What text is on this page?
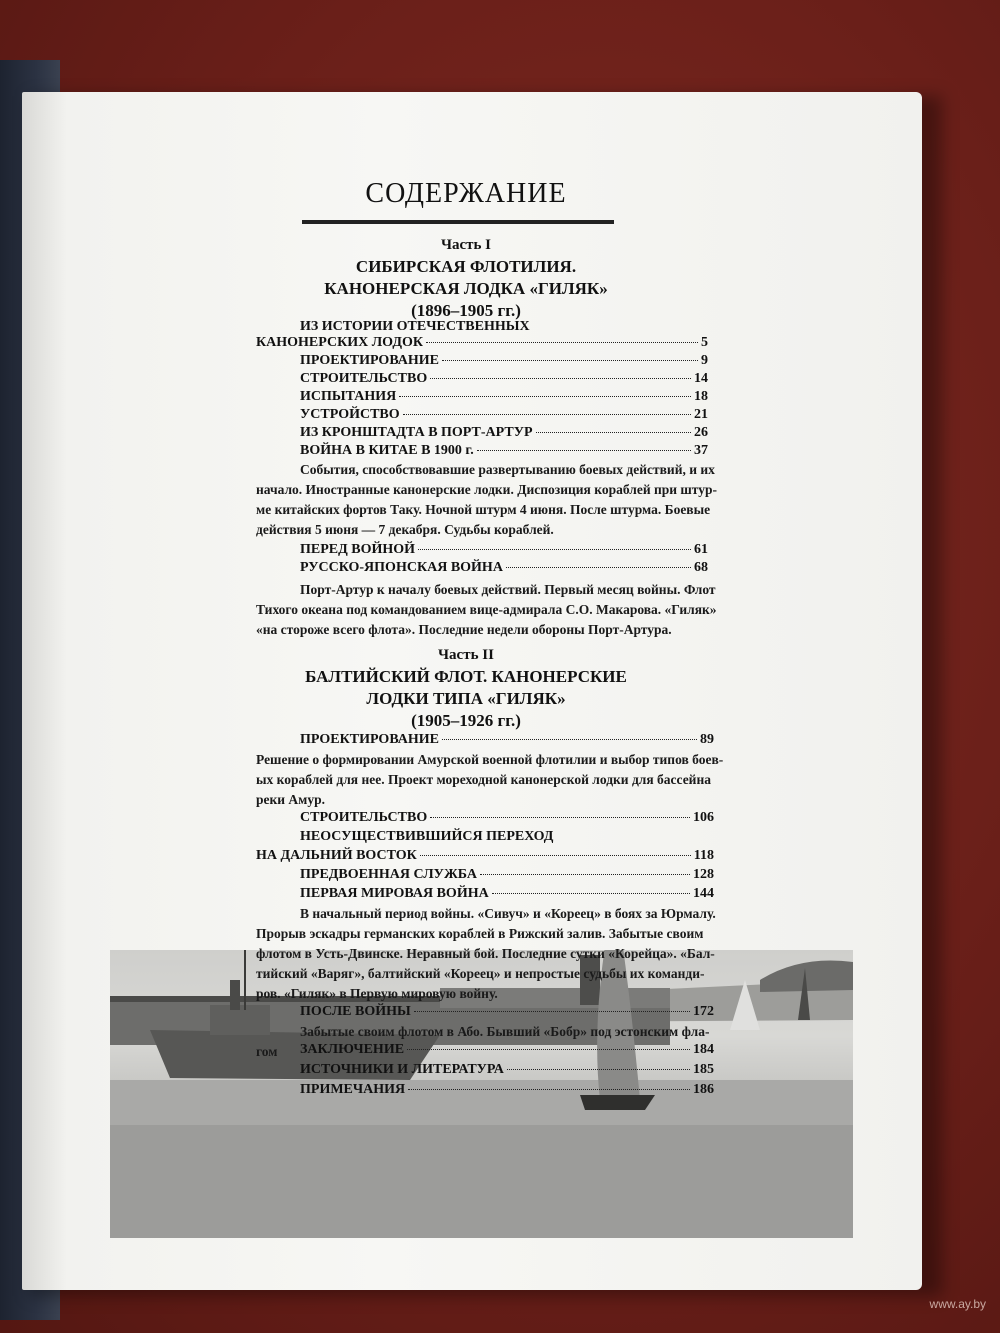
СОДЕРЖАНИЕ
Часть I
СИБИРСКАЯ ФЛОТИЛИЯ.
КАНОНЕРСКАЯ ЛОДКА «ГИЛЯК»
(1896–1905 гг.)
ИЗ ИСТОРИИ ОТЕЧЕСТВЕННЫХ
КАНОНЕРСКИХ ЛОДОК	5
ПРОЕКТИРОВАНИЕ	9
СТРОИТЕЛЬСТВО	14
ИСПЫТАНИЯ	18
УСТРОЙСТВО	21
ИЗ КРОНШТАДТА В ПОРТ-АРТУР	26
ВОЙНА В КИТАЕ В 1900 г.	37
События, способствовавшие развертыванию боевых действий, и их
начало. Иностранные канонерские лодки. Диспозиция кораблей при штур-
ме китайских фортов Таку. Ночной штурм 4 июня. После штурма. Боевые
действия 5 июня — 7 декабря. Судьбы кораблей.
ПЕРЕД ВОЙНОЙ	61
РУССКО-ЯПОНСКАЯ ВОЙНА	68
Порт-Артур к началу боевых действий. Первый месяц войны. Флот
Тихого океана под командованием вице-адмирала С.О. Макарова. «Гиляк»
«на стороже всего флота». Последние недели обороны Порт-Артура.
Часть II
БАЛТИЙСКИЙ ФЛОТ. КАНОНЕРСКИЕ
ЛОДКИ ТИПА «ГИЛЯК»
(1905–1926 гг.)
ПРОЕКТИРОВАНИЕ	89
Решение о формировании Амурской военной флотилии и выбор типов боев-
ых кораблей для нее. Проект мореходной канонерской лодки для бассейна
реки Амур.
СТРОИТЕЛЬСТВО	106
НЕОСУЩЕСТВИВШИЙСЯ ПЕРЕХОД
НА ДАЛЬНИЙ ВОСТОК	118
ПРЕДВОЕННАЯ СЛУЖБА	128
ПЕРВАЯ МИРОВАЯ ВОЙНА	144
В начальный период войны. «Сивуч» и «Кореец» в боях за Юрмалу.
Прорыв эскадры германских кораблей в Рижский залив. Забытые своим
флотом в Усть-Двинске. Неравный бой. Последние сутки «Корейца». «Бал-
тийский «Варяг», балтийский «Кореец» и непростые судьбы их команди-
ров. «Гиляк» в Первую мировую войну.
ПОСЛЕ ВОЙНЫ	172
Забытые своим флотом в Або. Бывший «Бобр» под эстонским фла-
гом ЗАКЛЮЧЕНИЕ	184
ИСТОЧНИКИ И ЛИТЕРАТУРА	185
ПРИМЕЧАНИЯ	186
www.ay.by
